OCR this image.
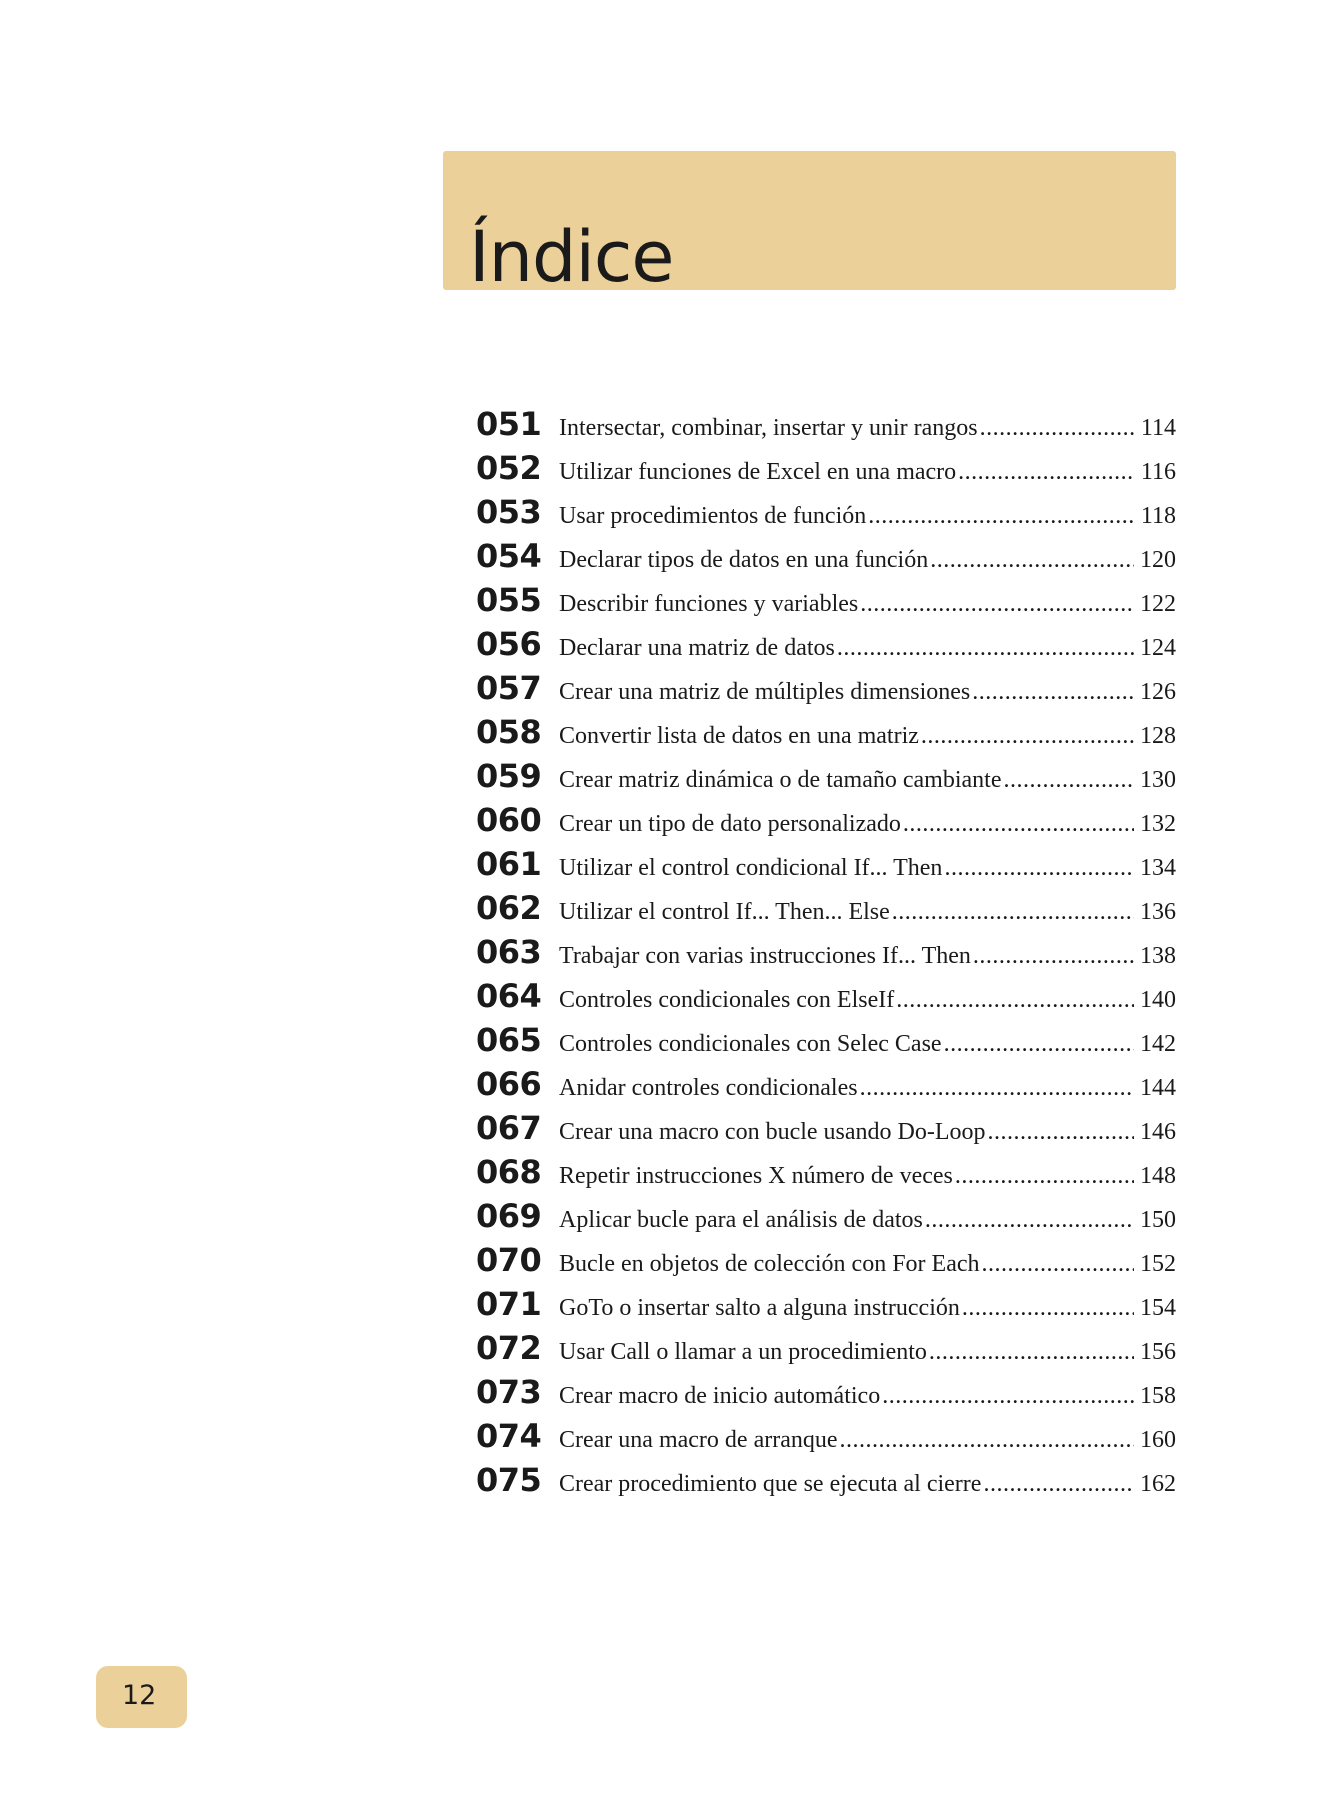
Índice
051 Intersectar, combinar, insertar y unir rangos .....	114
052 Utilizar funciones de Excel en una macro .....	116
053 Usar procedimientos de función .....	118
054 Declarar tipos de datos en una función .....	120
055 Describir funciones y variables .....	122
056 Declarar una matriz de datos .....	124
057 Crear una matriz de múltiples dimensiones .....	126
058 Convertir lista de datos en una matriz .....	128
059 Crear matriz dinámica o de tamaño cambiante .....	130
060 Crear un tipo de dato personalizado .....	132
061 Utilizar el control condicional If... Then .....	134
062 Utilizar el control If... Then... Else .....	136
063 Trabajar con varias instrucciones If... Then .....	138
064 Controles condicionales con ElseIf .....	140
065 Controles condicionales con Selec Case .....	142
066 Anidar controles condicionales .....	144
067 Crear una macro con bucle usando Do-Loop .....	146
068 Repetir instrucciones X número de veces .....	148
069 Aplicar bucle para el análisis de datos .....	150
070 Bucle en objetos de colección con For Each .....	152
071 GoTo o insertar salto a alguna instrucción .....	154
072 Usar Call o llamar a un procedimiento .....	156
073 Crear macro de inicio automático .....	158
074 Crear una macro de arranque .....	160
075 Crear procedimiento que se ejecuta al cierre .....	162
12
